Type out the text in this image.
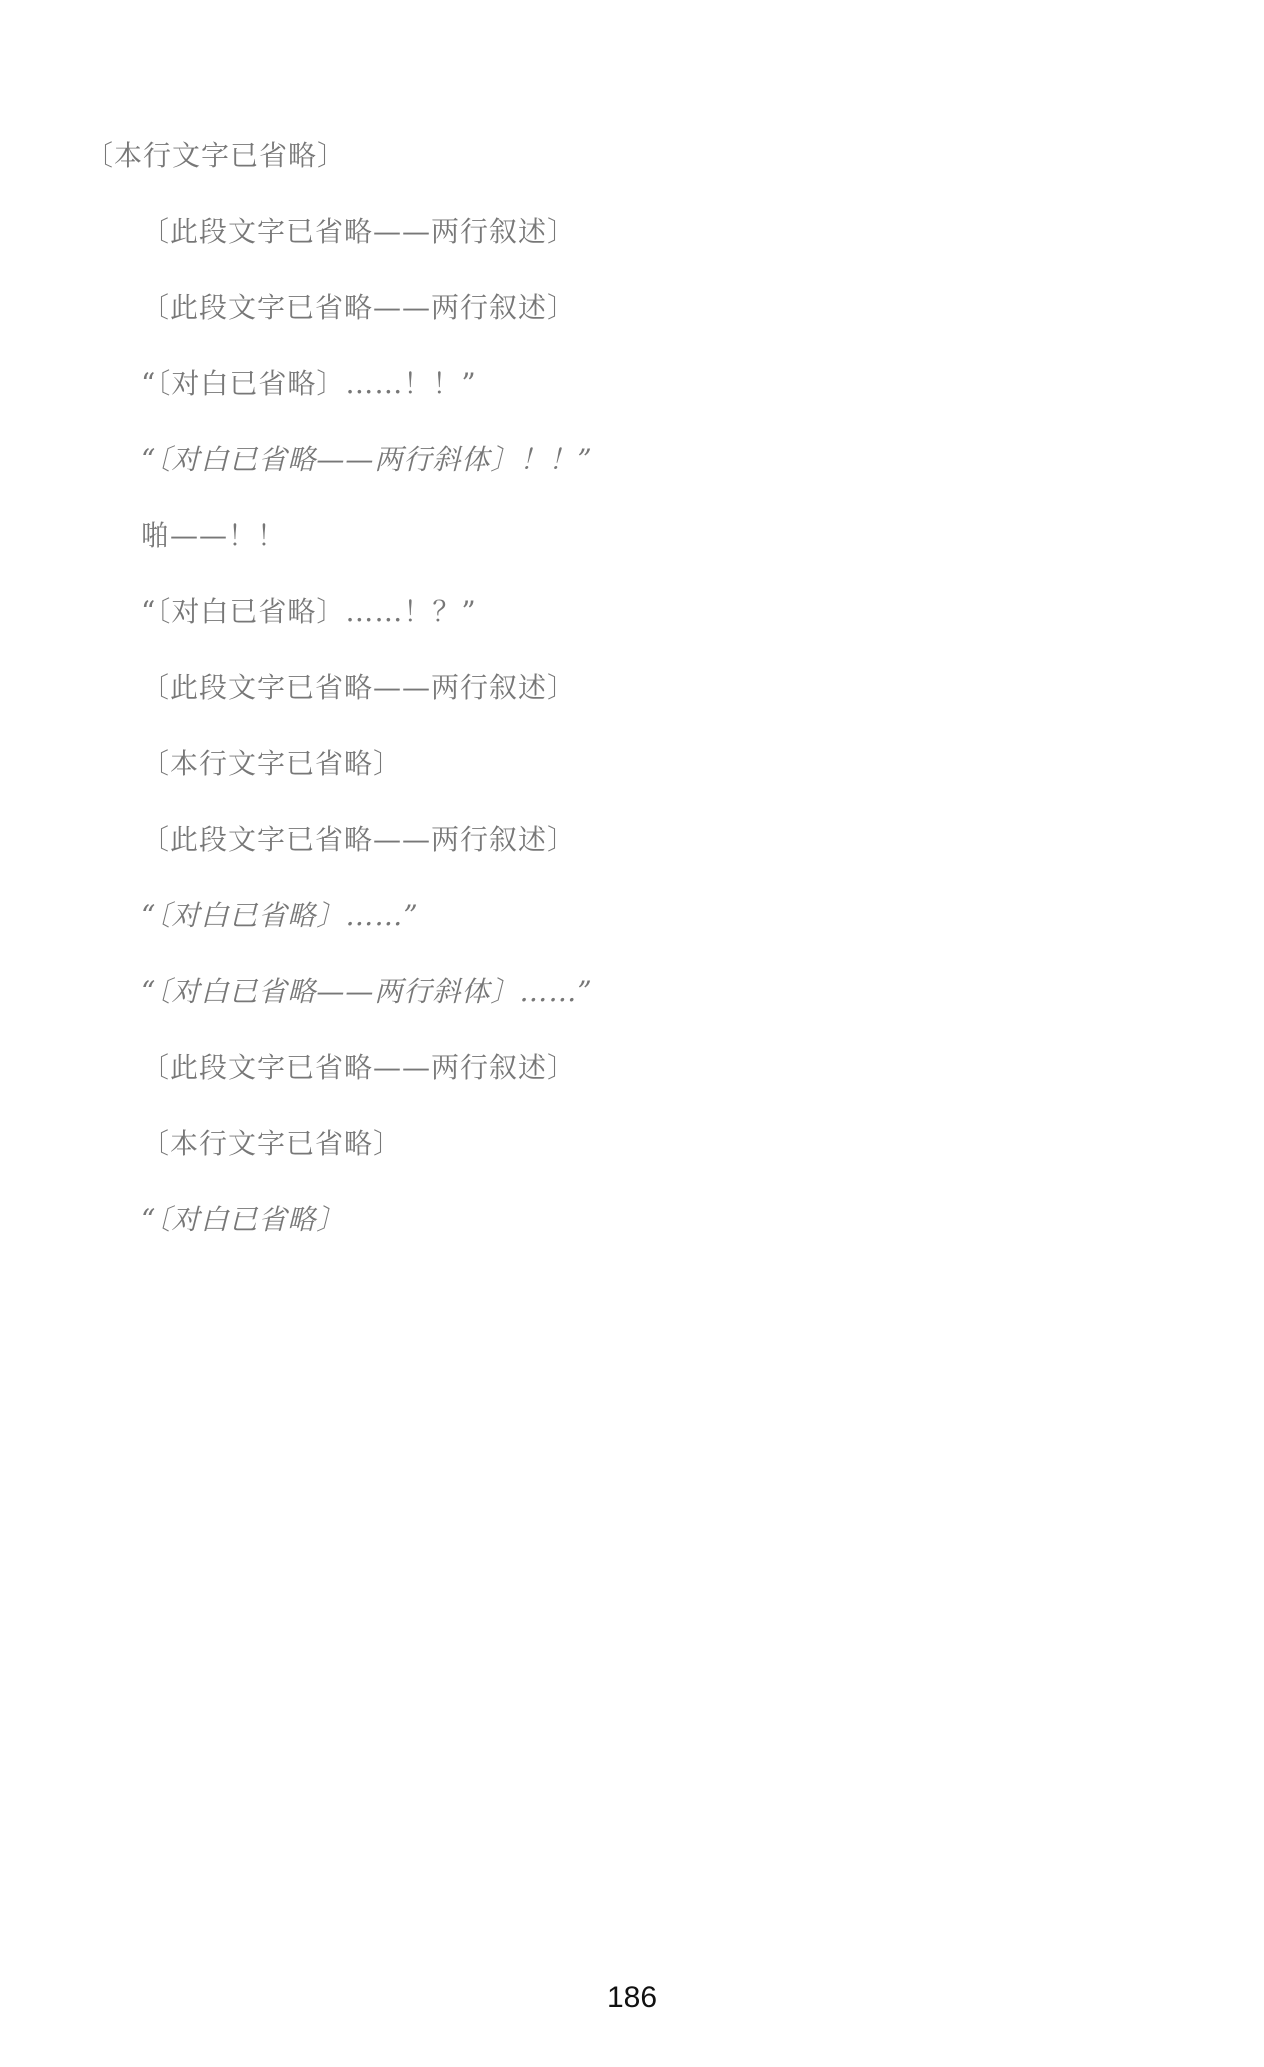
〔本行文字已省略〕

〔此段文字已省略——两行叙述〕

〔此段文字已省略——两行叙述〕

“〔对白已省略〕……！！”

“〔对白已省略——两行斜体〕！！”

啪——！！

“〔对白已省略〕……！？”

〔此段文字已省略——两行叙述〕

〔本行文字已省略〕

〔此段文字已省略——两行叙述〕

“〔对白已省略〕……”

“〔对白已省略——两行斜体〕……”

〔此段文字已省略——两行叙述〕

〔本行文字已省略〕

“〔对白已省略〕

186
